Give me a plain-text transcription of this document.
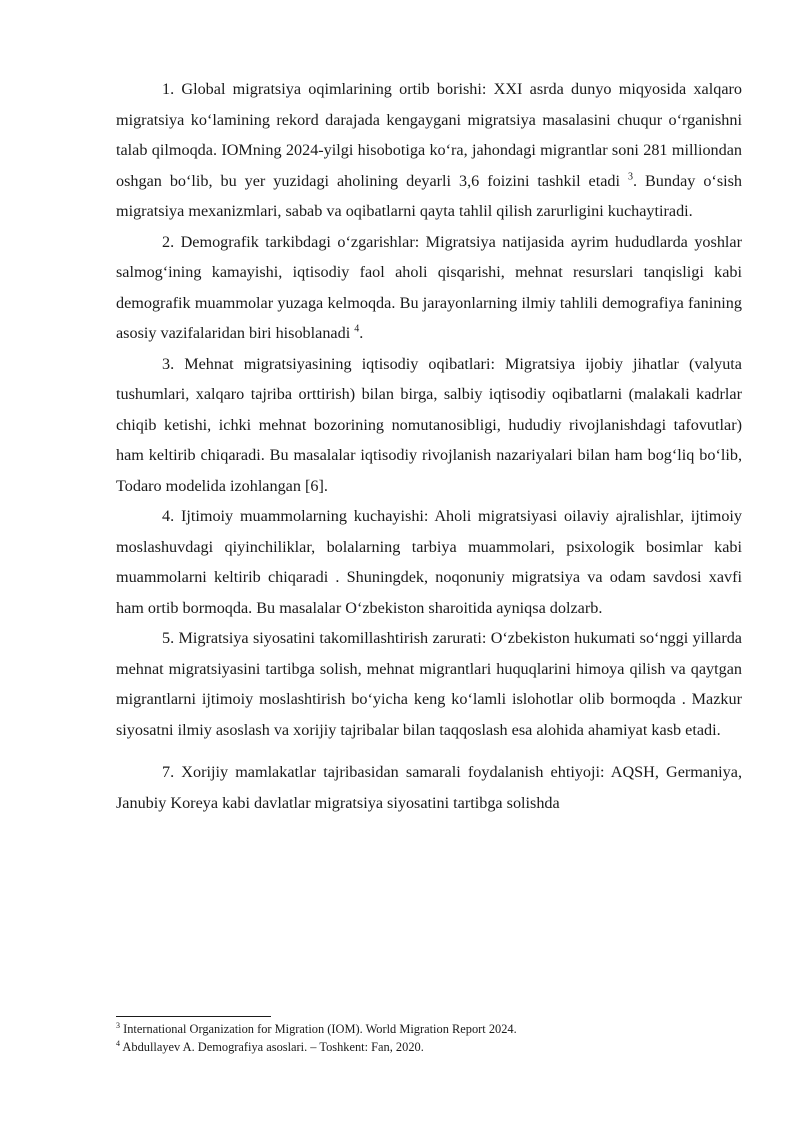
1. Global migratsiya oqimlarining ortib borishi: XXI asrda dunyo miqyosida xalqaro migratsiya ko‘lamining rekord darajada kengaygani migratsiya masalasini chuqur o‘rganishni talab qilmoqda. IOMning 2024-yilgi hisobotiga ko‘ra, jahondagi migrantlar soni 281 milliondan oshgan bo‘lib, bu yer yuzidagi aholining deyarli 3,6 foizini tashkil etadi $^3$. Bunday o‘sish migratsiya mexanizmlari, sabab va oqibatlarni qayta tahlil qilish zarurligini kuchaytiradi.

2. Demografik tarkibdagi o‘zgarishlar: Migratsiya natijasida ayrim hududlarda yoshlar salmog‘ining kamayishi, iqtisodiy faol aholi qisqarishi, mehnat resurslari tanqisligi kabi demografik muammolar yuzaga kelmoqda. Bu jarayonlarning ilmiy tahlili demografiya fanining asosiy vazifalaridan biri hisoblanadi $^4$.

3. Mehnat migratsiyasining iqtisodiy oqibatlari: Migratsiya ijobiy jihatlar (valyuta tushumlari, xalqaro tajriba orttirish) bilan birga, salbiy iqtisodiy oqibatlarni (malakali kadrlar chiqib ketishi, ichki mehnat bozorining nomutanosibligi, hududiy rivojlanishdagi tafovutlar) ham keltirib chiqaradi. Bu masalalar iqtisodiy rivojlanish nazariyalari bilan ham bog‘liq bo‘lib, Todaro modelida izohlangan [6].

4. Ijtimoiy muammolarning kuchayishi: Aholi migratsiyasi oilaviy ajralishlar, ijtimoiy moslashuvdagi qiyinchiliklar, bolalarning tarbiya muammolari, psixologik bosimlar kabi muammolarni keltirib chiqaradi . Shuningdek, noqonuniy migratsiya va odam savdosi xavfi ham ortib bormoqda. Bu masalalar O‘zbekiston sharoitida ayniqsa dolzarb.

5. Migratsiya siyosatini takomillashtirish zarurati: O‘zbekiston hukumati so‘nggi yillarda mehnat migratsiyasini tartibga solish, mehnat migrantlari huquqlarini himoya qilish va qaytgan migrantlarni ijtimoiy moslashtirish bo‘yicha keng ko‘lamli islohotlar olib bormoqda . Mazkur siyosatni ilmiy asoslash va xorijiy tajribalar bilan taqqoslash esa alohida ahamiyat kasb etadi.

7. Xorijiy mamlakatlar tajribasidan samarali foydalanish ehtiyoji: AQSH, Germaniya, Janubiy Koreya kabi davlatlar migratsiya siyosatini tartibga solishda

$^3$ International Organization for Migration (IOM). World Migration Report 2024.

$^4$ Abdullayev A. Demografiya asoslari. – Toshkent: Fan, 2020.
